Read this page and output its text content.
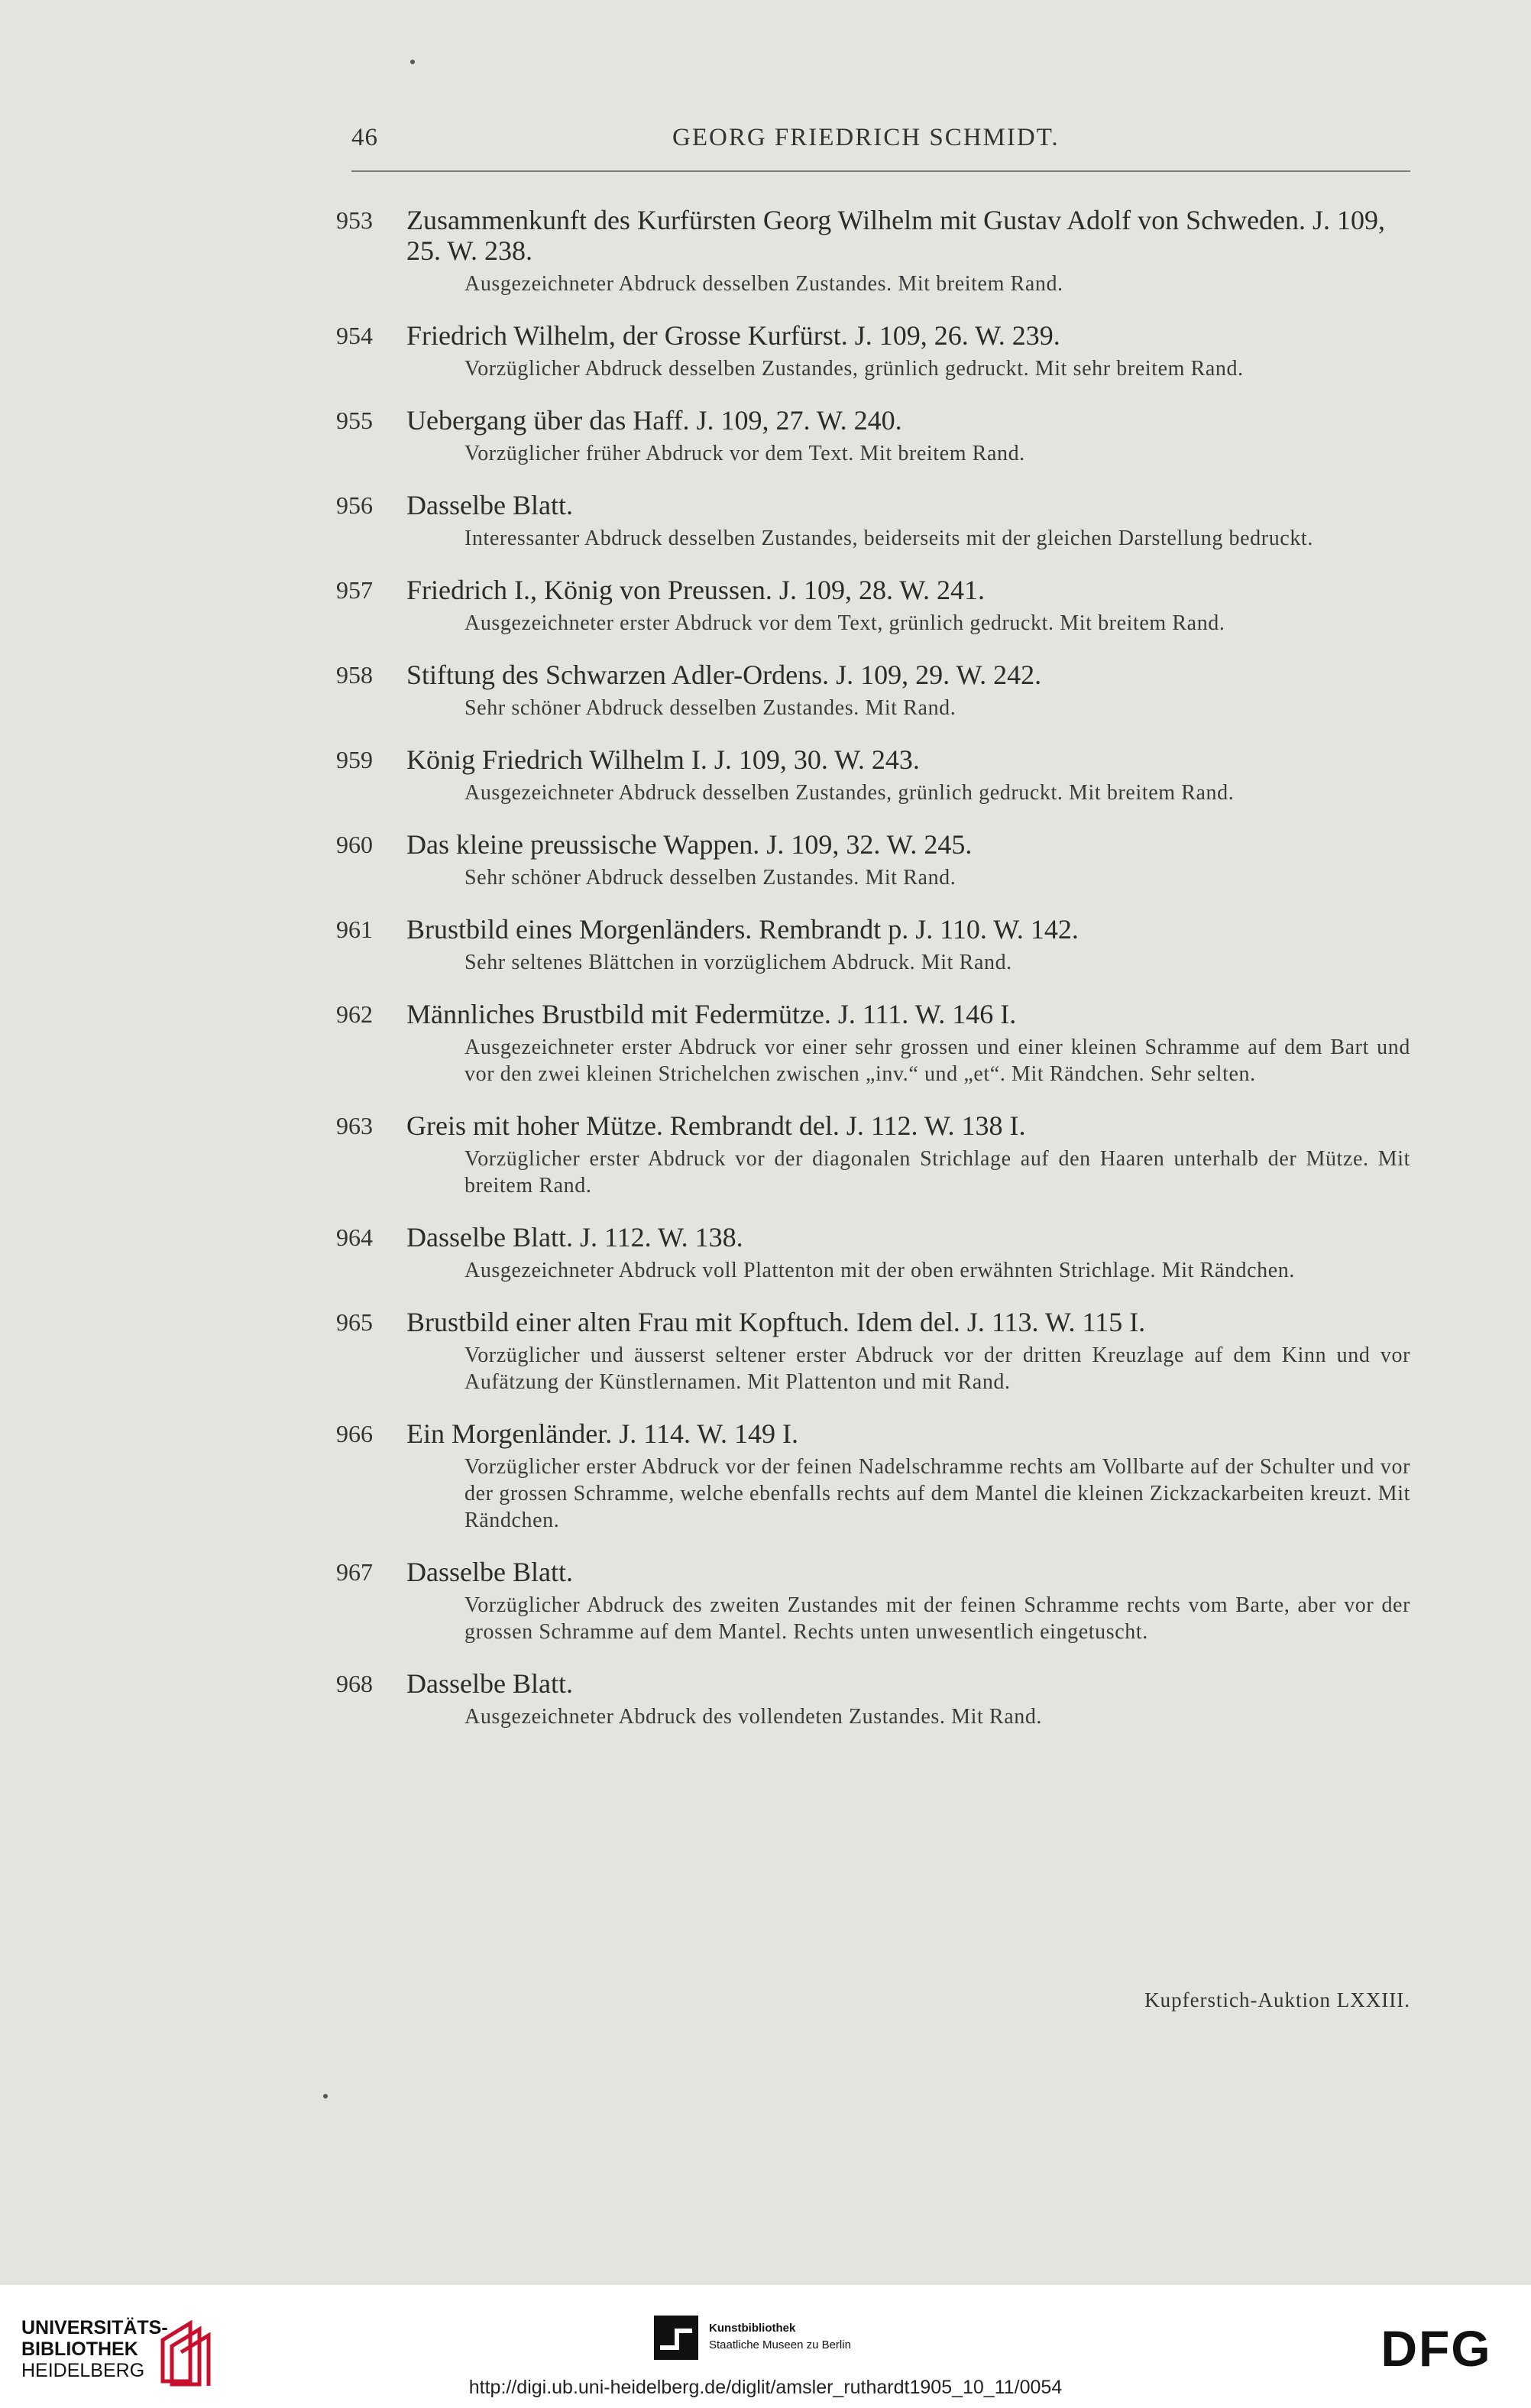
46	GEORG FRIEDRICH SCHMIDT.
953	Zusammenkunft des Kurfürsten Georg Wilhelm mit Gustav Adolf von Schweden. J. 109, 25. W. 238.
Ausgezeichneter Abdruck desselben Zustandes. Mit breitem Rand.
954	Friedrich Wilhelm, der Grosse Kurfürst. J. 109, 26. W. 239.
Vorzüglicher Abdruck desselben Zustandes, grünlich gedruckt. Mit sehr breitem Rand.
955	Uebergang über das Haff. J. 109, 27. W. 240.
Vorzüglicher früher Abdruck vor dem Text. Mit breitem Rand.
956	Dasselbe Blatt.
Interessanter Abdruck desselben Zustandes, beiderseits mit der gleichen Darstellung bedruckt.
957	Friedrich I., König von Preussen. J. 109, 28. W. 241.
Ausgezeichneter erster Abdruck vor dem Text, grünlich gedruckt. Mit breitem Rand.
958	Stiftung des Schwarzen Adler-Ordens. J. 109, 29. W. 242.
Sehr schöner Abdruck desselben Zustandes. Mit Rand.
959	König Friedrich Wilhelm I. J. 109, 30. W. 243.
Ausgezeichneter Abdruck desselben Zustandes, grünlich gedruckt. Mit breitem Rand.
960	Das kleine preussische Wappen. J. 109, 32. W. 245.
Sehr schöner Abdruck desselben Zustandes. Mit Rand.
961	Brustbild eines Morgenländers. Rembrandt p. J. 110. W. 142.
Sehr seltenes Blättchen in vorzüglichem Abdruck. Mit Rand.
962	Männliches Brustbild mit Federmütze. J. 111. W. 146 I.
Ausgezeichneter erster Abdruck vor einer sehr grossen und einer kleinen Schramme auf dem Bart und vor den zwei kleinen Strichelchen zwischen „inv.“ und „et“. Mit Rändchen. Sehr selten.
963	Greis mit hoher Mütze. Rembrandt del. J. 112. W. 138 I.
Vorzüglicher erster Abdruck vor der diagonalen Strichlage auf den Haaren unterhalb der Mütze. Mit breitem Rand.
964	Dasselbe Blatt. J. 112. W. 138.
Ausgezeichneter Abdruck voll Plattenton mit der oben erwähnten Strichlage. Mit Rändchen.
965	Brustbild einer alten Frau mit Kopftuch. Idem del. J. 113. W. 115 I.
Vorzüglicher und äusserst seltener erster Abdruck vor der dritten Kreuzlage auf dem Kinn und vor Aufätzung der Künstlernamen. Mit Plattenton und mit Rand.
966	Ein Morgenländer. J. 114. W. 149 I.
Vorzüglicher erster Abdruck vor der feinen Nadelschramme rechts am Vollbarte auf der Schulter und vor der grossen Schramme, welche ebenfalls rechts auf dem Mantel die kleinen Zickzackarbeiten kreuzt. Mit Rändchen.
967	Dasselbe Blatt.
Vorzüglicher Abdruck des zweiten Zustandes mit der feinen Schramme rechts vom Barte, aber vor der grossen Schramme auf dem Mantel. Rechts unten unwesentlich eingetuscht.
968	Dasselbe Blatt.
Ausgezeichneter Abdruck des vollendeten Zustandes. Mit Rand.
Kupferstich-Auktion LXXIII.
UNIVERSITÄTS-
BIBLIOTHEK
HEIDELBERG
Kunstbibliothek
Staatliche Museen zu Berlin	DFG
http://digi.ub.uni-heidelberg.de/diglit/amsler_ruthardt1905_10_11/0054
